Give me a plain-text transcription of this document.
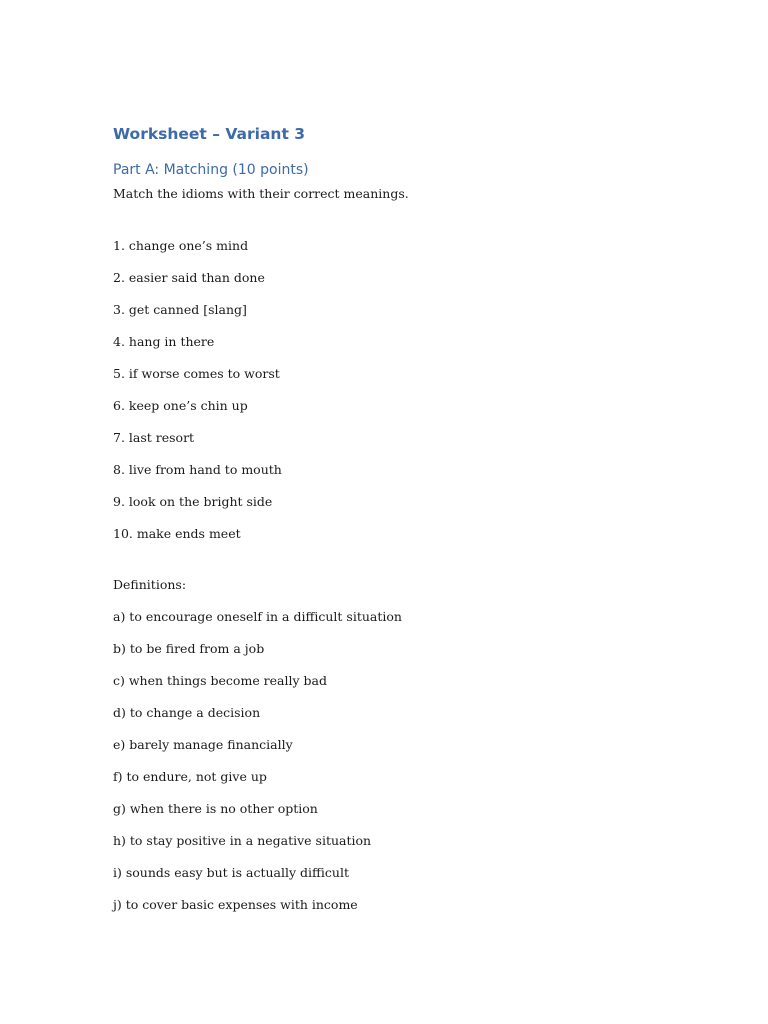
Worksheet – Variant 3
Part A: Matching (10 points)

Match the idioms with their correct meanings.

1. change one’s mind

2. easier said than done

3. get canned [slang]

4. hang in there

5. if worse comes to worst

6. keep one’s chin up

7. last resort

8. live from hand to mouth

9. look on the bright side

10. make ends meet

Definitions:

a) to encourage oneself in a difficult situation

b) to be fired from a job

c) when things become really bad

d) to change a decision

e) barely manage financially

f) to endure, not give up

g) when there is no other option

h) to stay positive in a negative situation

i) sounds easy but is actually difficult

j) to cover basic expenses with income
